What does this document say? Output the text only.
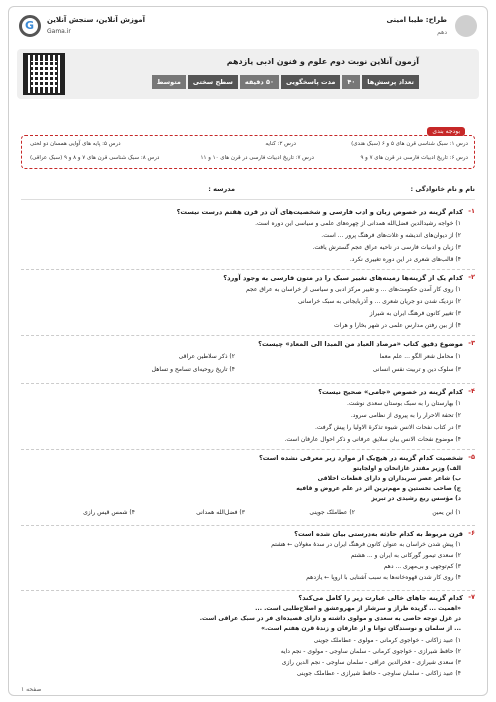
طراح: طیبا امینی
دهم
G
آموزش آنلاین، سنجش آنلاین
Gama.ir
آزمون آنلاین نوبت دوم علوم و فنون ادبی یازدهم
تعداد پرسش‌ها
۴۰
مدت پاسخگویی
۵۰ دقیقه
سطح سختی
متوسط
بودجه بندی
درس ۱: سبک شناسی قرن های ۵ و ۶ (سبک هندی)
درس ۲: کنایه
درس ۵: پایه های آوایی همسان دو لختی
درس ۶: تاریخ ادبیات فارسی در قرن های ۷ و ۹
درس ۷: تاریخ ادبیات فارسی در قرن های ۱۰ و ۱۱
درس ۸: سبک شناسی قرن های ۷ و ۸ و ۹ (سبک عراقی)
نام و نام خانوادگی :
مدرسه :
۱-
کدام گزینه در خصوص زبان و ادب فارسی و شخصیت‌های آن در قرن هفتم درست نیست؟
۱) خواجه رشیدالدین فضل‌الله همدانی از چهره‌های علمی و سیاسی این دوره است.
۲) از دیوان‌های اندیشه و غلات‌های فرهنگ پرور ... است.
۳) زبان و ادبیات فارسی در ناحیه عراق عجم گسترش یافت.
۴) قالب‌های شعری در این دوره تغییری نکرد.
۲-
کدام یک از گزینه‌ها زمینه‌های تغییر سبک را در متون فارسی به وجود آورد؟
۱) روی کار آمدن حکومت‌های ... و تغییر مرکز ادبی و سیاسی از خراسان به عراق عجم
۲) نزدیک شدن دو جریان شعری ... و آذربایجانی به سبک خراسانی
۳) تغییر کانون فرهنگ ایران به شیراز
۴) از بین رفتن مدارس علمی در شهر بخارا و هرات
۳-
موضوع دقیق کتاب «مرصاد العباد من المبدا الی المعاد» چیست؟
۱) محامل شعر الگو ... علم معما
۲) ذکر سلاطین عراقی
۳) سلوک دین و تربیت نفس انسانی
۴) تاریخ روحیه‌ای تسامح و تساهل
۴-
کدام گزینه در خصوص «جامی» صحیح نیست؟
۱) بهارستان را به سبک بوستان سعدی نوشت.
۲) تحفة الاحرار را به پیروی از نظامی سرود.
۳) در کتاب نفحات الانس شیوه تذکرة الاولیا را پیش گرفت.
۴) موضوع نفحات الانس بیان سلایق عرفانی و ذکر احوال عارفان است.
۵-
شخصیت کدام گزینه در هیچ‌یک از موارد زیر معرفی نشده است؟
الف) وزیر مقتدر غازانخان و اولجایتو
ب) شاعر عصر سربداران و دارای قطعات اخلاقی
ج) صاحب نخستین و مهم‌ترین اثر در علم عروض و قافیه
د) مؤسس ربع رشیدی در تبریز
۱) ابن یمین
۲) عطاملک جوینی
۳) فضل‌الله همدانی
۴) شمس قیس رازی
۶-
قرن مربوط به کدام حادثه به‌درستی بیان شده است؟
۱) پیش شدن خراسان به عنوان کانون فرهنگ ایران در سدهٔ مغولان ← هشتم
۲) سعدی تیمور گورکانی به ایران و ... هشتم
۳) کم‌توجهی و بی‌مهری ... دهم
۴) روی کار شدن قهوه‌خانه‌ها به سبب آشنایی با اروپا ← یازدهم
۷-
کدام گزینه جاهای خالی عبارت زیر را کامل می‌کند؟
«اهمیت ... گزیده طراز و سرشار از مهروعشق و اصلاح‌طلبی است. ...
در غزل توجه خاصی به سعدی و مولوی داشته و دارای قصیده‌ای فر در سبک عراقی است.
... از سلمان و نوسندگان توانا و از عارفان و زندهٔ قرن هفتم است.»
۱) عبید زاکانی - خواجوی کرمانی - مولوی - عطاملک جوینی
۲) حافظ شیرازی - خواجوی کرمانی - سلمان ساوجی - مولوی - نجم دایه
۳) سعدی شیرازی - فخرالدین عراقی - سلمان ساوجی - نجم الدین رازی
۴) عبید زاکانی - سلمان ساوجی - حافظ شیرازی - عطاملک جوینی
صفحه ۱
